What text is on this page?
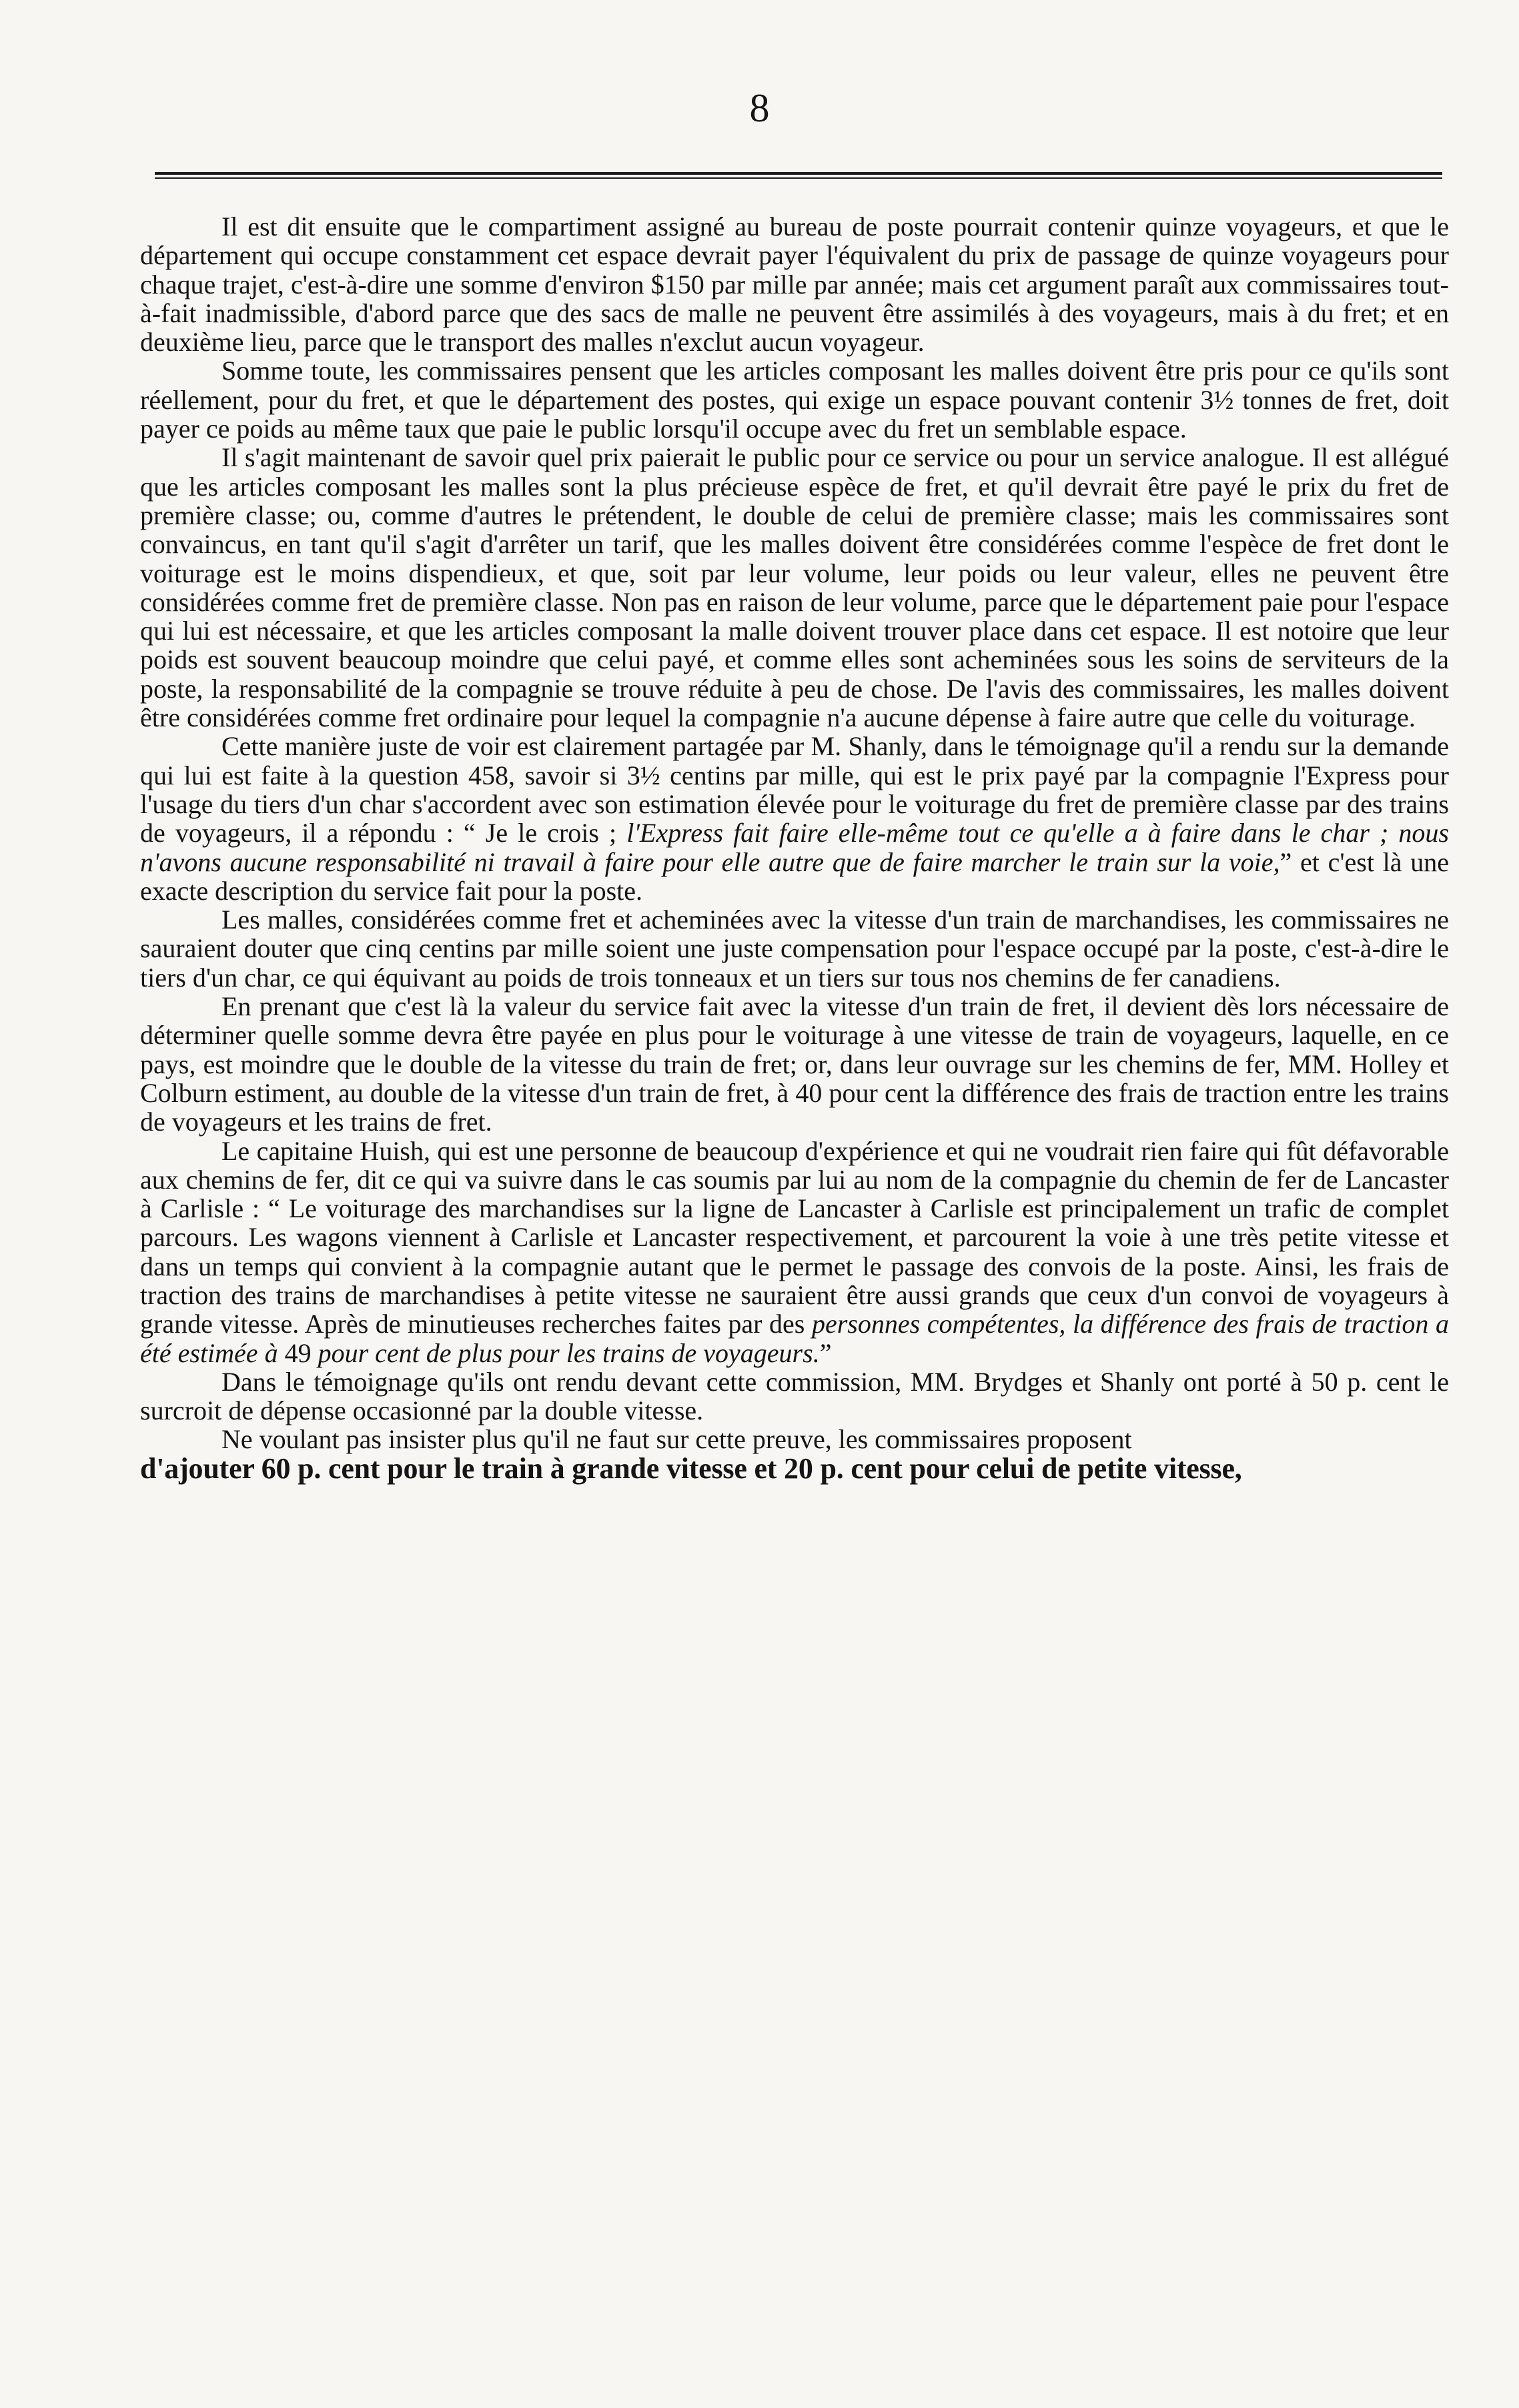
8

Il est dit ensuite que le compartiment assigné au bureau de poste pourrait contenir quinze voyageurs, et que le département qui occupe constamment cet espace devrait payer l'équivalent du prix de passage de quinze voyageurs pour chaque trajet, c'est-à-dire une somme d'environ $150 par mille par année; mais cet argument paraît aux commissaires tout-à-fait inadmissible, d'abord parce que des sacs de malle ne peuvent être assimilés à des voyageurs, mais à du fret; et en deuxième lieu, parce que le transport des malles n'exclut aucun voyageur.

Somme toute, les commissaires pensent que les articles composant les malles doivent être pris pour ce qu'ils sont réellement, pour du fret, et que le département des postes, qui exige un espace pouvant contenir 3½ tonnes de fret, doit payer ce poids au même taux que paie le public lorsqu'il occupe avec du fret un semblable espace.

Il s'agit maintenant de savoir quel prix paierait le public pour ce service ou pour un service analogue. Il est allégué que les articles composant les malles sont la plus précieuse espèce de fret, et qu'il devrait être payé le prix du fret de première classe; ou, comme d'autres le prétendent, le double de celui de première classe; mais les commissaires sont convaincus, en tant qu'il s'agit d'arrêter un tarif, que les malles doivent être considérées comme l'espèce de fret dont le voiturage est le moins dispendieux, et que, soit par leur volume, leur poids ou leur valeur, elles ne peuvent être considérées comme fret de première classe. Non pas en raison de leur volume, parce que le département paie pour l'espace qui lui est nécessaire, et que les articles composant la malle doivent trouver place dans cet espace. Il est notoire que leur poids est souvent beaucoup moindre que celui payé, et comme elles sont acheminées sous les soins de serviteurs de la poste, la responsabilité de la compagnie se trouve réduite à peu de chose. De l'avis des commissaires, les malles doivent être considérées comme fret ordinaire pour lequel la compagnie n'a aucune dépense à faire autre que celle du voiturage.

Cette manière juste de voir est clairement partagée par M. Shanly, dans le témoignage qu'il a rendu sur la demande qui lui est faite à la question 458, savoir si 3½ centins par mille, qui est le prix payé par la compagnie l'Express pour l'usage du tiers d'un char s'accordent avec son estimation élevée pour le voiturage du fret de première classe par des trains de voyageurs, il a répondu : “ Je le crois ; l'Express fait faire elle-même tout ce qu'elle a à faire dans le char ; nous n'avons aucune responsabilité ni travail à faire pour elle autre que de faire marcher le train sur la voie,” et c'est là une exacte description du service fait pour la poste.

Les malles, considérées comme fret et acheminées avec la vitesse d'un train de marchandises, les commissaires ne sauraient douter que cinq centins par mille soient une juste compensation pour l'espace occupé par la poste, c'est-à-dire le tiers d'un char, ce qui équivant au poids de trois tonneaux et un tiers sur tous nos chemins de fer canadiens.

En prenant que c'est là la valeur du service fait avec la vitesse d'un train de fret, il devient dès lors nécessaire de déterminer quelle somme devra être payée en plus pour le voiturage à une vitesse de train de voyageurs, laquelle, en ce pays, est moindre que le double de la vitesse du train de fret; or, dans leur ouvrage sur les chemins de fer, MM. Holley et Colburn estiment, au double de la vitesse d'un train de fret, à 40 pour cent la différence des frais de traction entre les trains de voyageurs et les trains de fret.

Le capitaine Huish, qui est une personne de beaucoup d'expérience et qui ne voudrait rien faire qui fût défavorable aux chemins de fer, dit ce qui va suivre dans le cas soumis par lui au nom de la compagnie du chemin de fer de Lancaster à Carlisle : “ Le voiturage des marchandises sur la ligne de Lancaster à Carlisle est principalement un trafic de complet parcours. Les wagons viennent à Carlisle et Lancaster respectivement, et parcourent la voie à une très petite vitesse et dans un temps qui convient à la compagnie autant que le permet le passage des convois de la poste. Ainsi, les frais de traction des trains de marchandises à petite vitesse ne sauraient être aussi grands que ceux d'un convoi de voyageurs à grande vitesse. Après de minutieuses recherches faites par des personnes compétentes, la différence des frais de traction a été estimée à 49 pour cent de plus pour les trains de voyageurs.”

Dans le témoignage qu'ils ont rendu devant cette commission, MM. Brydges et Shanly ont porté à 50 p. cent le surcroit de dépense occasionné par la double vitesse.

Ne voulant pas insister plus qu'il ne faut sur cette preuve, les commissaires proposent

d'ajouter 60 p. cent pour le train à grande vitesse et 20 p. cent pour celui de petite vitesse,
